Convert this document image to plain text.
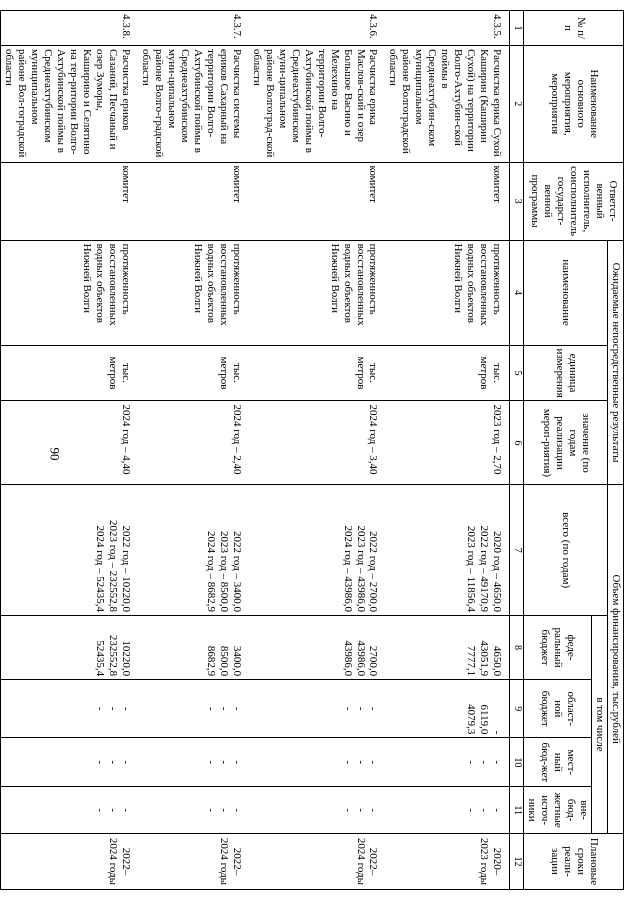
90
№ п/п	Наименование основного мероприятия, мероприятия	Ответст-венный исполнитель, соисполнитель государст-венной программы	Ожидаемые непосредственные результаты			Объем финансирования, тыс.рублей					Плановые сроки реали-зации
			наименование	единица измерения	значение (по годам реализации мероп-риятия)	всего (по годам)	в том числе				
							феде-ральный бюджет	област-ной бюджет	мест-ный бюд-жет	вне-бюд-жетные источ-ники	
1	2	3	4	5	6	7	8	9	10	11	12
4.3.5.	Расчистка ерика Сухой Каширин (Каширин Сухой) на территории Волго-Ахтубин-ской поймы в Среднеахтубин-ском муниципальном районе Волгоградской области	комитет	протяженность восстановленных водных объектов Нижней Волги	тыс. метров	2023 год – 2,70	2020 год – 4650,0
2022 год – 49170,9
2023 год – 11856,4	4650,0
43051,9
7777,1	-
6119,0
4079,3	-
-
-	-
-
-	2020–
2023 годы
4.3.6.	Расчистка ерика Маслов-ский и озер Большое Васино и Мелехино на территории Волго-Ахтубинской поймы в Среднеахтубинском муни-ципальном районе Волгоград-ской области	комитет	протяженность восстановленных водных объектов Нижней Волги	тыс. метров	2024 год – 3,40	2022 год – 2700,0
2023 год – 43986,0
2024 год – 43986,0	2700,0
43986,0
43986,0	-
-
-	-
-
-	-
-
-	2022–
2024 годы
4.3.7.	Расчистка системы ериков Сахарный на территории Волго-Ахтубинской поймы в Среднеахтубинском муни-ципальном районе Волго-градской области	комитет	протяженность восстановленных водных объектов Нижней Волги	тыс. метров	2024 год – 2,40	2022 год – 3400,0
2023 год – 8500,0
2024 год – 8682,9	3400,0
8500,0
8682,9	-
-
-	-
-
-	-
-
-	2022–
2024 годы
4.3.8.	Расчистка ериков Сазаний, Песчаный и озер Зуморы, Каширино и Селятино на тер-ритории Волго-Ахтубинской поймы в Среднеахтубинском муниципальном районе Вол-гоградской области	комитет	протяженность восстановленных водных объектов Нижней Волги	тыс. метров	2024 год – 4,40	2022 год – 10220,0
2023 год – 232552,8
2024 год – 52435,4	10220,0
232552,8
52435,4	-
-
-	-
-
-	-
-
-	2022–
2024 годы
